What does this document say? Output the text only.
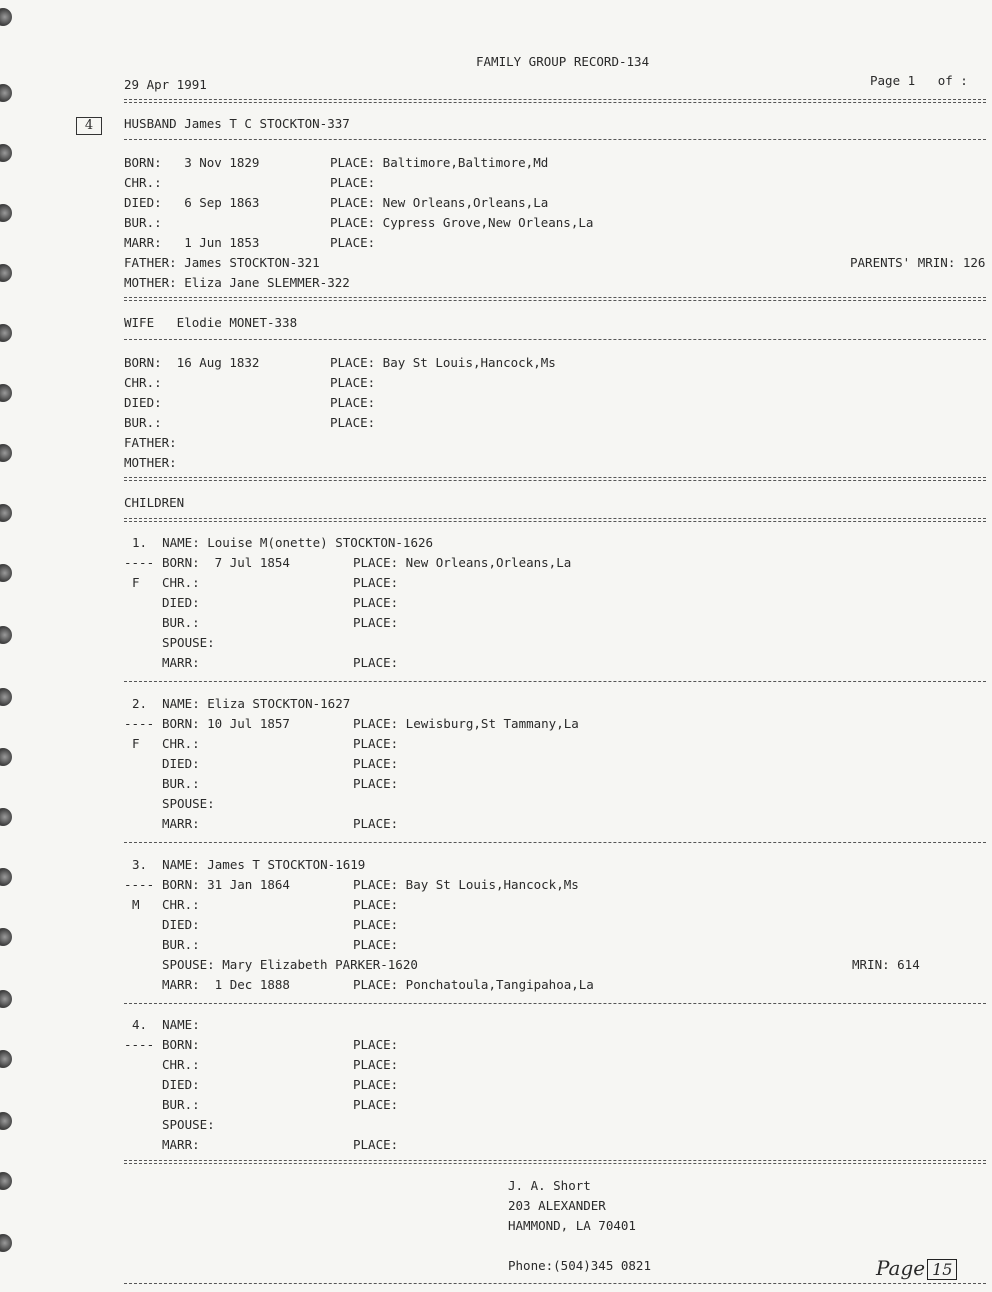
FAMILY GROUP RECORD-134
29 Apr 1991	Page 1   of :
4	HUSBAND James T C STOCKTON-337
BORN:   3 Nov 1829	PLACE: Baltimore,Baltimore,Md
CHR.:	PLACE:
DIED:   6 Sep 1863	PLACE: New Orleans,Orleans,La
BUR.:	PLACE: Cypress Grove,New Orleans,La
MARR:   1 Jun 1853	PLACE:
FATHER: James STOCKTON-321	PARENTS' MRIN: 126
MOTHER: Eliza Jane SLEMMER-322
WIFE   Elodie MONET-338
BORN:  16 Aug 1832	PLACE: Bay St Louis,Hancock,Ms
CHR.:	PLACE:
DIED:	PLACE:
BUR.:	PLACE:
FATHER:
MOTHER:
CHILDREN
1.  NAME: Louise M(onette) STOCKTON-1626
---- BORN:  7 Jul 1854	PLACE: New Orleans,Orleans,La
F CHR.:	PLACE:
DIED:	PLACE:
BUR.:	PLACE:
SPOUSE:
MARR:	PLACE:
2.  NAME: Eliza STOCKTON-1627
---- BORN: 10 Jul 1857	PLACE: Lewisburg,St Tammany,La
F CHR.:	PLACE:
DIED:	PLACE:
BUR.:	PLACE:
SPOUSE:
MARR:	PLACE:
3.  NAME: James T STOCKTON-1619
---- BORN: 31 Jan 1864	PLACE: Bay St Louis,Hancock,Ms
M CHR.:	PLACE:
DIED:	PLACE:
BUR.:	PLACE:
SPOUSE: Mary Elizabeth PARKER-1620	MRIN: 614
MARR:  1 Dec 1888	PLACE: Ponchatoula,Tangipahoa,La
4.  NAME:
---- BORN:	PLACE:
CHR.:	PLACE:
DIED:	PLACE:
BUR.:	PLACE:
SPOUSE:
MARR:	PLACE:
J. A. Short
203 ALEXANDER
HAMMOND, LA 70401
Phone:(504)345 0821	Page 15
